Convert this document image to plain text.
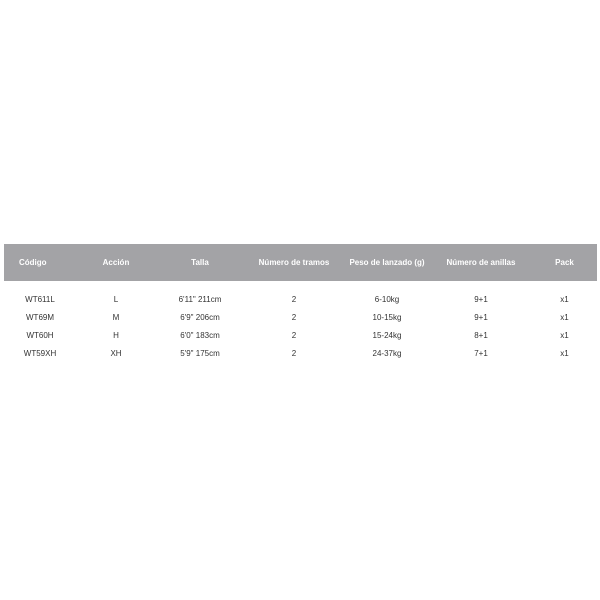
Código	Acción	Talla	Número de tramos	Peso de lanzado (g)	Número de anillas	Pack
WT611L	L	6'11" 211cm	2	6-10kg	9+1	x1
WT69M	M	6'9" 206cm	2	10-15kg	9+1	x1
WT60H	H	6'0" 183cm	2	15-24kg	8+1	x1
WT59XH	XH	5'9" 175cm	2	24-37kg	7+1	x1
